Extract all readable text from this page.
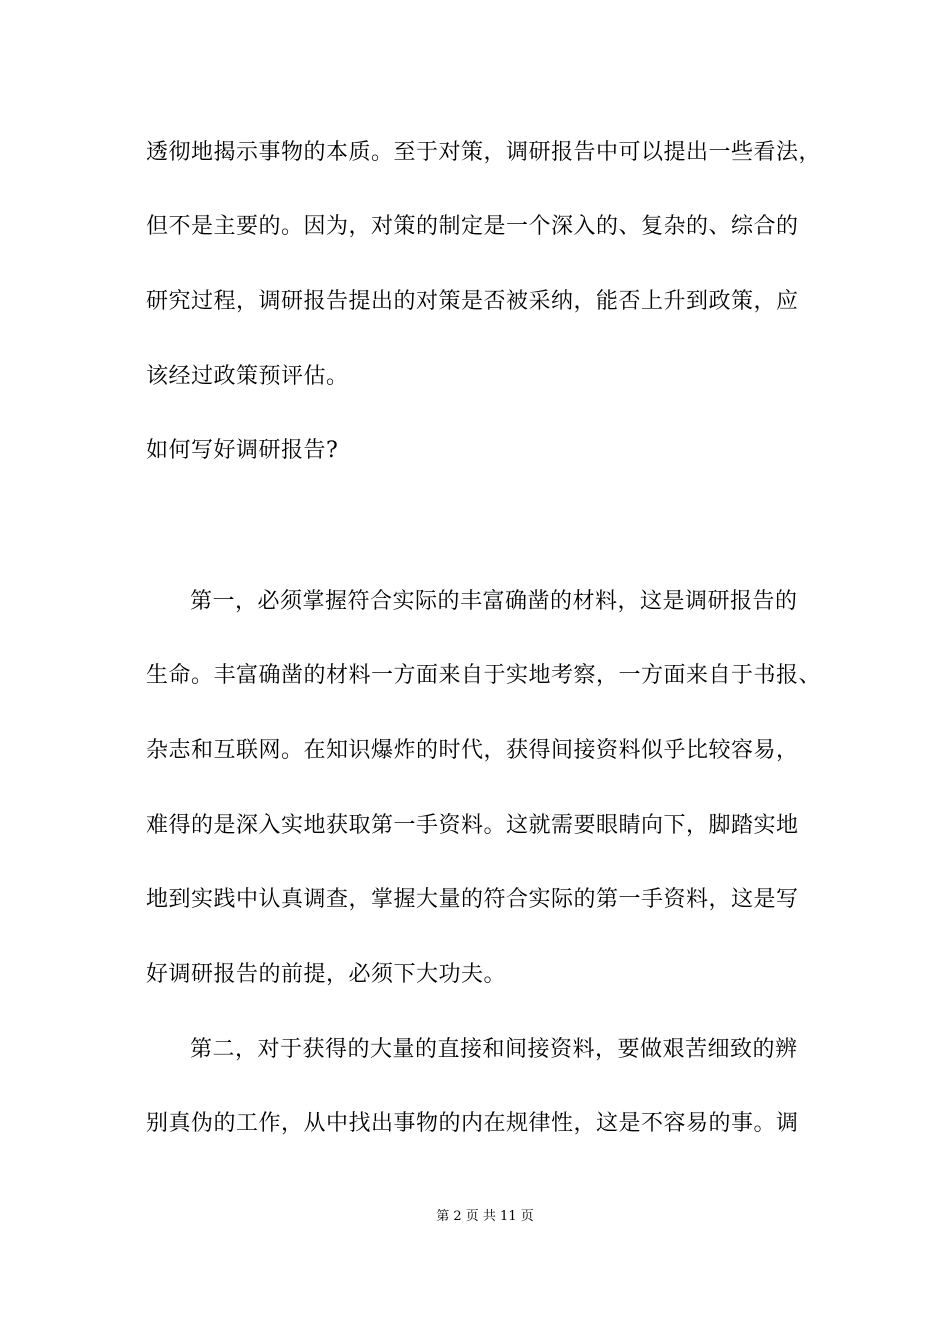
透彻地揭示事物的本质。至于对策，调研报告中可以提出一些看法，
但不是主要的。因为，对策的制定是一个深入的、复杂的、综合的
研究过程，调研报告提出的对策是否被采纳，能否上升到政策，应
该经过政策预评估。
如何写好调研报告?
第一，必须掌握符合实际的丰富确凿的材料，这是调研报告的
生命。丰富确凿的材料一方面来自于实地考察，一方面来自于书报、
杂志和互联网。在知识爆炸的时代，获得间接资料似乎比较容易，
难得的是深入实地获取第一手资料。这就需要眼睛向下，脚踏实地
地到实践中认真调查，掌握大量的符合实际的第一手资料，这是写
好调研报告的前提，必须下大功夫。
第二，对于获得的大量的直接和间接资料，要做艰苦细致的辨
别真伪的工作，从中找出事物的内在规律性，这是不容易的事。调
第 2 页 共 11 页
